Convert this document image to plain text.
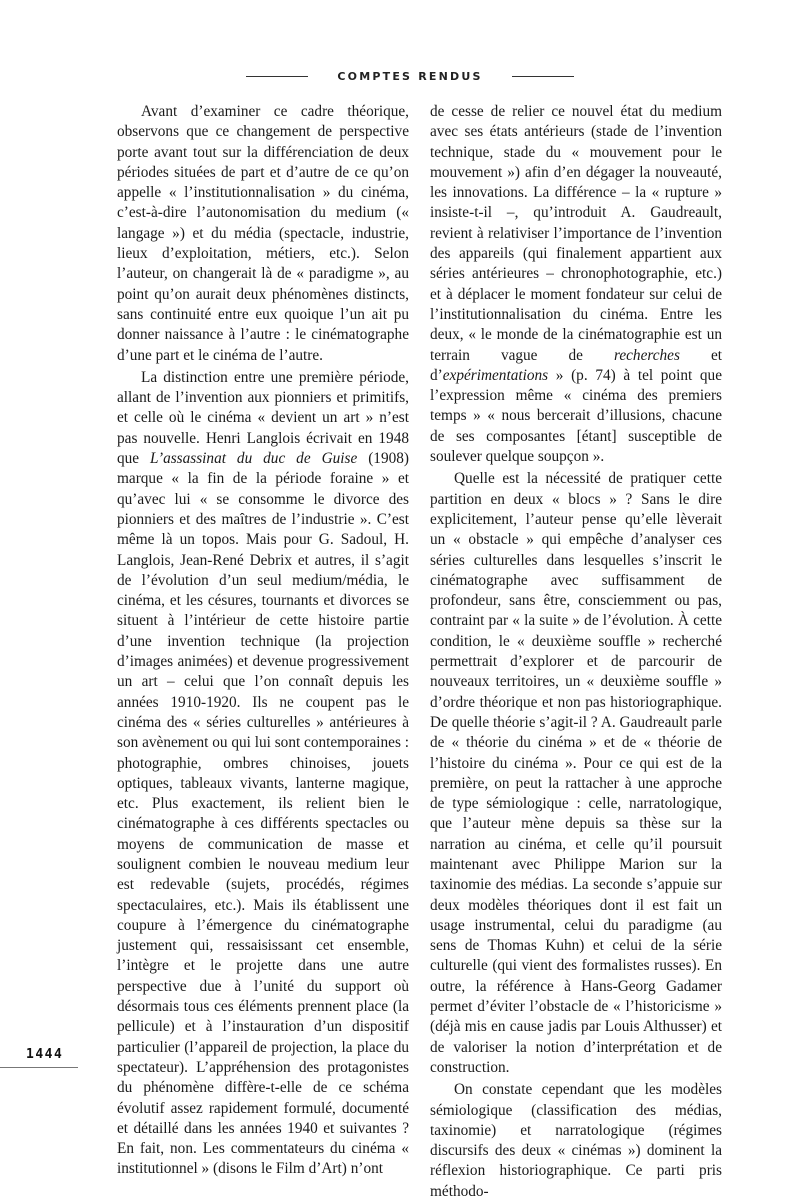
COMPTES RENDUS

Avant d’examiner ce cadre théorique, observons que ce changement de perspective porte avant tout sur la différenciation de deux périodes situées de part et d’autre de ce qu’on appelle « l’institutionnalisation » du cinéma, c’est-à-dire l’autonomisation du medium (« langage ») et du média (spectacle, industrie, lieux d’exploitation, métiers, etc.). Selon l’auteur, on changerait là de « paradigme », au point qu’on aurait deux phénomènes distincts, sans continuité entre eux quoique l’un ait pu donner naissance à l’autre : le cinématographe d’une part et le cinéma de l’autre.

La distinction entre une première période, allant de l’invention aux pionniers et primitifs, et celle où le cinéma « devient un art » n’est pas nouvelle. Henri Langlois écrivait en 1948 que L’assassinat du duc de Guise (1908) marque « la fin de la période foraine » et qu’avec lui « se consomme le divorce des pionniers et des maîtres de l’industrie ». C’est même là un topos. Mais pour G. Sadoul, H. Langlois, Jean-René Debrix et autres, il s’agit de l’évolution d’un seul medium/média, le cinéma, et les césures, tournants et divorces se situent à l’intérieur de cette histoire partie d’une invention technique (la projection d’images animées) et devenue progressivement un art – celui que l’on connaît depuis les années 1910-1920. Ils ne coupent pas le cinéma des « séries culturelles » antérieures à son avènement ou qui lui sont contemporaines : photographie, ombres chinoises, jouets optiques, tableaux vivants, lanterne magique, etc. Plus exactement, ils relient bien le cinématographe à ces différents spectacles ou moyens de communication de masse et soulignent combien le nouveau medium leur est redevable (sujets, procédés, régimes spectaculaires, etc.). Mais ils établissent une coupure à l’émergence du cinématographe justement qui, ressaisissant cet ensemble, l’intègre et le projette dans une autre perspective due à l’unité du support où désormais tous ces éléments prennent place (la pellicule) et à l’instauration d’un dispositif particulier (l’appareil de projection, la place du spectateur). L’appréhension des protagonistes du phénomène diffère-t-elle de ce schéma évolutif assez rapidement formulé, documenté et détaillé dans les années 1940 et suivantes ? En fait, non. Les commentateurs du cinéma « institutionnel » (disons le Film d’Art) n’ont

de cesse de relier ce nouvel état du medium avec ses états antérieurs (stade de l’invention technique, stade du « mouvement pour le mouvement ») afin d’en dégager la nouveauté, les innovations. La différence – la « rupture » insiste-t-il –, qu’introduit A. Gaudreault, revient à relativiser l’importance de l’invention des appareils (qui finalement appartient aux séries antérieures – chronophotographie, etc.) et à déplacer le moment fondateur sur celui de l’institutionnalisation du cinéma. Entre les deux, « le monde de la cinématographie est un terrain vague de recherches et d’expérimentations » (p. 74) à tel point que l’expression même « cinéma des premiers temps » « nous bercerait d’illusions, chacune de ses composantes [étant] susceptible de soulever quelque soupçon ».

Quelle est la nécessité de pratiquer cette partition en deux « blocs » ? Sans le dire explicitement, l’auteur pense qu’elle lèverait un « obstacle » qui empêche d’analyser ces séries culturelles dans lesquelles s’inscrit le cinématographe avec suffisamment de profondeur, sans être, consciemment ou pas, contraint par « la suite » de l’évolution. À cette condition, le « deuxième souffle » recherché permettrait d’explorer et de parcourir de nouveaux territoires, un « deuxième souffle » d’ordre théorique et non pas historiographique. De quelle théorie s’agit-il ? A. Gaudreault parle de « théorie du cinéma » et de « théorie de l’histoire du cinéma ». Pour ce qui est de la première, on peut la rattacher à une approche de type sémiologique : celle, narratologique, que l’auteur mène depuis sa thèse sur la narration au cinéma, et celle qu’il poursuit maintenant avec Philippe Marion sur la taxinomie des médias. La seconde s’appuie sur deux modèles théoriques dont il est fait un usage instrumental, celui du paradigme (au sens de Thomas Kuhn) et celui de la série culturelle (qui vient des formalistes russes). En outre, la référence à Hans-Georg Gadamer permet d’éviter l’obstacle de « l’historicisme » (déjà mis en cause jadis par Louis Althusser) et de valoriser la notion d’interprétation et de construction.

On constate cependant que les modèles sémiologique (classification des médias, taxinomie) et narratologique (régimes discursifs des deux « cinémas ») dominent la réflexion historiographique. Ce parti pris méthodo-

1444
